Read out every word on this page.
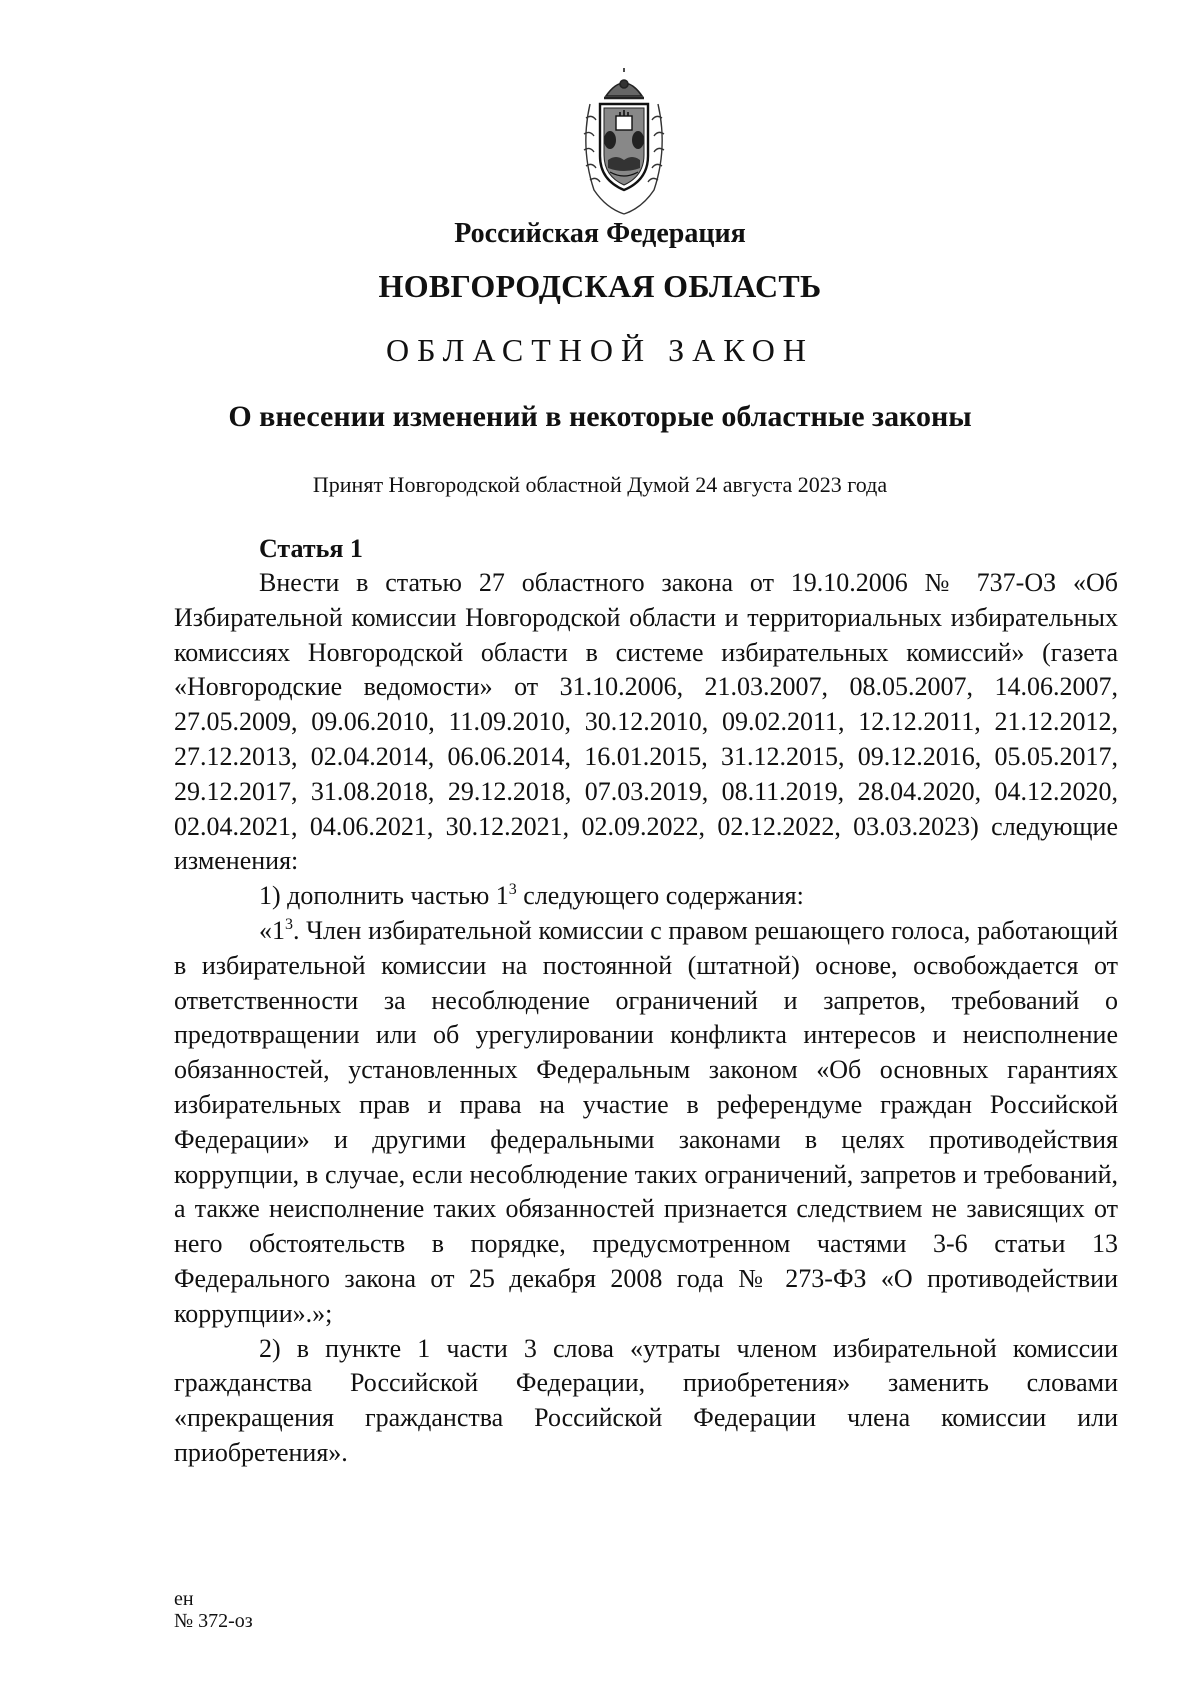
Российская Федерация

НОВГОРОДСКАЯ ОБЛАСТЬ

ОБЛАСТНОЙ ЗАКОН

О внесении изменений в некоторые областные законы

Принят Новгородской областной Думой 24 августа 2023 года

Статья 1

Внести в статью 27 областного закона от 19.10.2006 № 737-ОЗ «Об Избирательной комиссии Новгородской области и территориальных избирательных комиссиях Новгородской области в системе избирательных комиссий» (газета «Новгородские ведомости» от 31.10.2006, 21.03.2007, 08.05.2007, 14.06.2007, 27.05.2009, 09.06.2010, 11.09.2010, 30.12.2010, 09.02.2011, 12.12.2011, 21.12.2012, 27.12.2013, 02.04.2014, 06.06.2014, 16.01.2015, 31.12.2015, 09.12.2016, 05.05.2017, 29.12.2017, 31.08.2018, 29.12.2018, 07.03.2019, 08.11.2019, 28.04.2020, 04.12.2020, 02.04.2021, 04.06.2021, 30.12.2021, 02.09.2022, 02.12.2022, 03.03.2023) следующие изменения:

1) дополнить частью $1^3$ следующего содержания:

«$1^3$. Член избирательной комиссии с правом решающего голоса, работающий в избирательной комиссии на постоянной (штатной) основе, освобождается от ответственности за несоблюдение ограничений и запретов, требований о предотвращении или об урегулировании конфликта интересов и неисполнение обязанностей, установленных Федеральным законом «Об основных гарантиях избирательных прав и права на участие в референдуме граждан Российской Федерации» и другими федеральными законами в целях противодействия коррупции, в случае, если несоблюдение таких ограничений, запретов и требований, а также неисполнение таких обязанностей признается следствием не зависящих от него обстоятельств в порядке, предусмотренном частями 3-6 статьи 13 Федерального закона от 25 декабря 2008 года № 273-ФЗ «О противодействии коррупции».»;

2) в пункте 1 части 3 слова «утраты членом избирательной комиссии гражданства Российской Федерации, приобретения» заменить словами «прекращения гражданства Российской Федерации члена комиссии или приобретения».

ен
№ 372-оз
